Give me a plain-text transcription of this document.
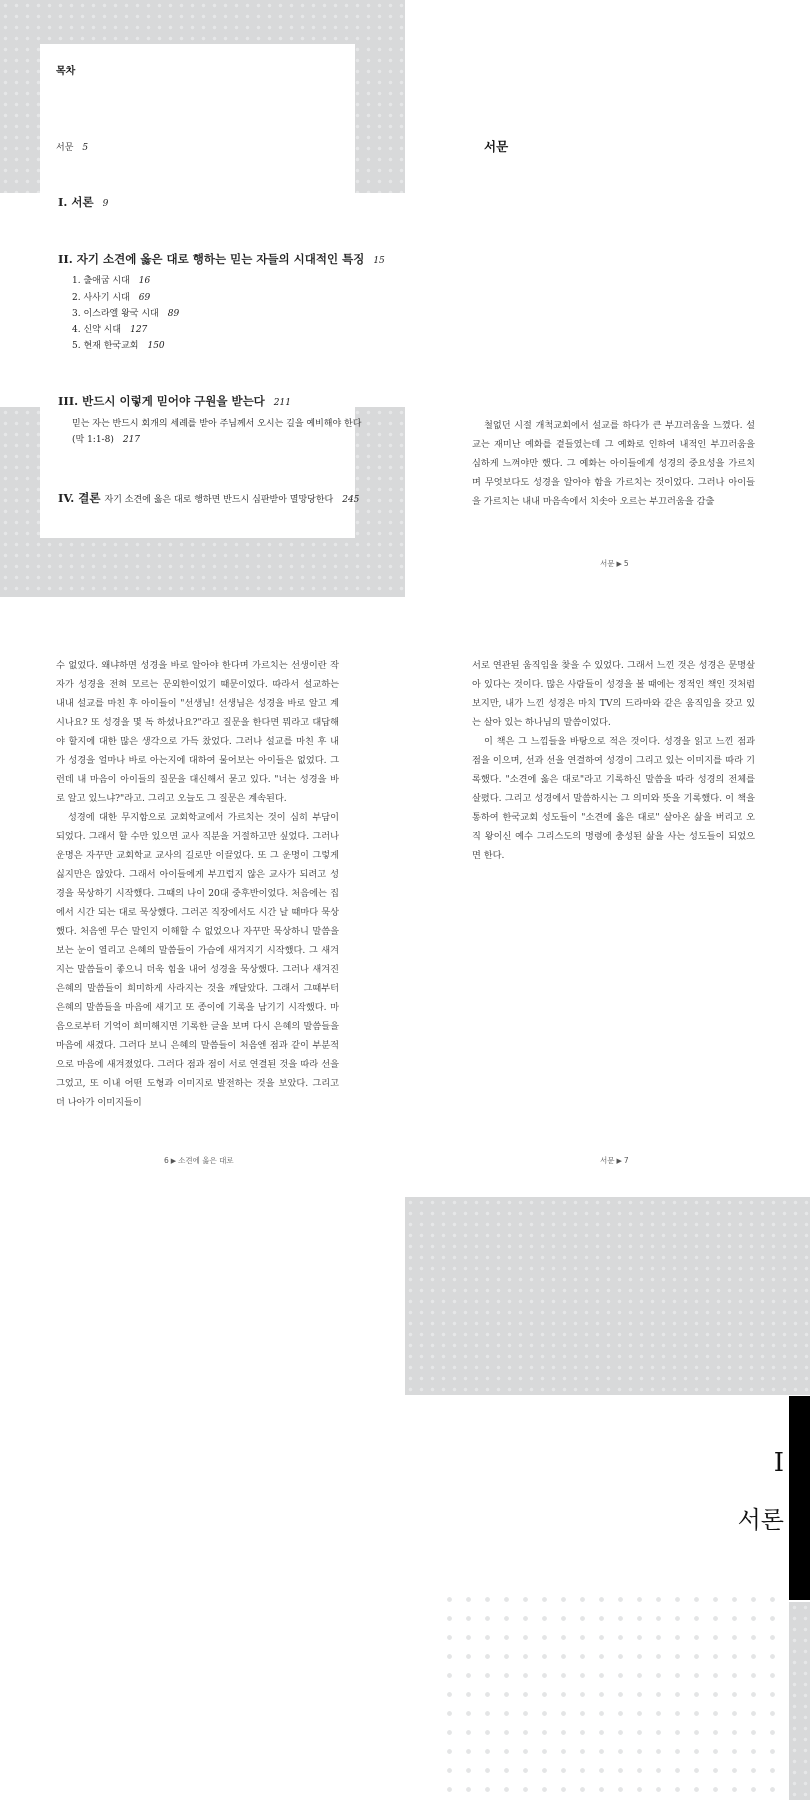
목차
서문 5
I. 서론 9
II. 자기 소견에 옳은 대로 행하는 믿는 자들의 시대적인 특징 15
1. 출애굽 시대 16
2. 사사기 시대 69
3. 이스라엘 왕국 시대 89
4. 신약 시대 127
5. 현재 한국교회 150
III. 반드시 이렇게 믿어야 구원을 받는다 211
믿는 자는 반드시 회개의 세례를 받아 주님께서 오시는 길을 예비해야 한다
(막 1:1-8) 217
IV. 결론 자기 소견에 옳은 대로 행하면 반드시 심판받아 멸망당한다 245
서문
철없던 시절 개척교회에서 설교를 하다가 큰 부끄러움을 느꼈다. 설교는 재미난 예화를 곁들였는데 그 예화로 인하여 내적인 부끄러움을 심하게 느껴야만 했다. 그 예화는 아이들에게 성경의 중요성을 가르치며 무엇보다도 성경을 알아야 함을 가르치는 것이었다. 그러나 아이들을 가르치는 내내 마음속에서 치솟아 오르는 부끄러움을 감출
서문 ▶ 5
수 없었다. 왜냐하면 성경을 바로 알아야 한다며 가르치는 선생이란 작자가 성경을 전혀 모르는 문외한이었기 때문이었다. 따라서 설교하는 내내 설교를 마친 후 아이들이 "선생님! 선생님은 성경을 바로 알고 계시나요? 또 성경을 몇 독 하셨나요?"라고 질문을 한다면 뭐라고 대답해야 할지에 대한 많은 생각으로 가득 찼었다. 그러나 설교를 마친 후 내가 성경을 얼마나 바로 아는지에 대하여 물어보는 아이들은 없었다. 그런데 내 마음이 아이들의 질문을 대신해서 묻고 있다. "너는 성경을 바로 알고 있느냐?"라고. 그리고 오늘도 그 질문은 계속된다.
성경에 대한 무지함으로 교회학교에서 가르치는 것이 심히 부담이 되었다. 그래서 할 수만 있으면 교사 직분을 거절하고만 싶었다. 그러나 운명은 자꾸만 교회학교 교사의 길로만 이끌었다. 또 그 운명이 그렇게 싫지만은 않았다. 그래서 아이들에게 부끄럽지 않은 교사가 되려고 성경을 묵상하기 시작했다. 그때의 나이 20대 중후반이었다. 처음에는 집에서 시간 되는 대로 묵상했다. 그러곤 직장에서도 시간 날 때마다 묵상했다. 처음엔 무슨 말인지 이해할 수 없었으나 자꾸만 묵상하니 말씀을 보는 눈이 열리고 은혜의 말씀들이 가슴에 새겨지기 시작했다. 그 새겨지는 말씀들이 좋으니 더욱 힘을 내어 성경을 묵상했다. 그러나 새겨진 은혜의 말씀들이 희미하게 사라지는 것을 깨달았다. 그래서 그때부터 은혜의 말씀들을 마음에 새기고 또 종이에 기록을 남기기 시작했다. 마음으로부터 기억이 희미해지면 기록한 글을 보며 다시 은혜의 말씀들을 마음에 새겼다. 그러다 보니 은혜의 말씀들이 처음엔 점과 같이 부분적으로 마음에 새겨졌었다. 그러다 점과 점이 서로 연결된 것을 따라 선을 그었고, 또 이내 어떤 도형과 이미지로 발전하는 것을 보았다. 그리고 더 나아가 이미지들이
6 ▶ 소견에 옳은 대로
서로 연관된 움직임을 찾을 수 있었다. 그래서 느낀 것은 성경은 문명살아 있다는 것이다. 많은 사람들이 성경을 볼 때에는 정적인 책인 것처럼 보지만, 내가 느낀 성경은 마치 TV의 드라마와 같은 움직임을 갖고 있는 살아 있는 하나님의 말씀이었다.
이 책은 그 느낌들을 바탕으로 적은 것이다. 성경을 읽고 느낀 점과 점을 이으며, 선과 선을 연결하여 성경이 그리고 있는 이미지를 따라 기록했다. "소견에 옳은 대로"라고 기록하신 말씀을 따라 성경의 전체를 살폈다. 그리고 성경에서 말씀하시는 그 의미와 뜻을 기록했다. 이 책을 통하여 한국교회 성도들이 "소견에 옳은 대로" 살아온 삶을 버리고 오직 왕이신 예수 그리스도의 명령에 충성된 삶을 사는 성도들이 되었으면 한다.
서문 ▶ 7
I
서론
